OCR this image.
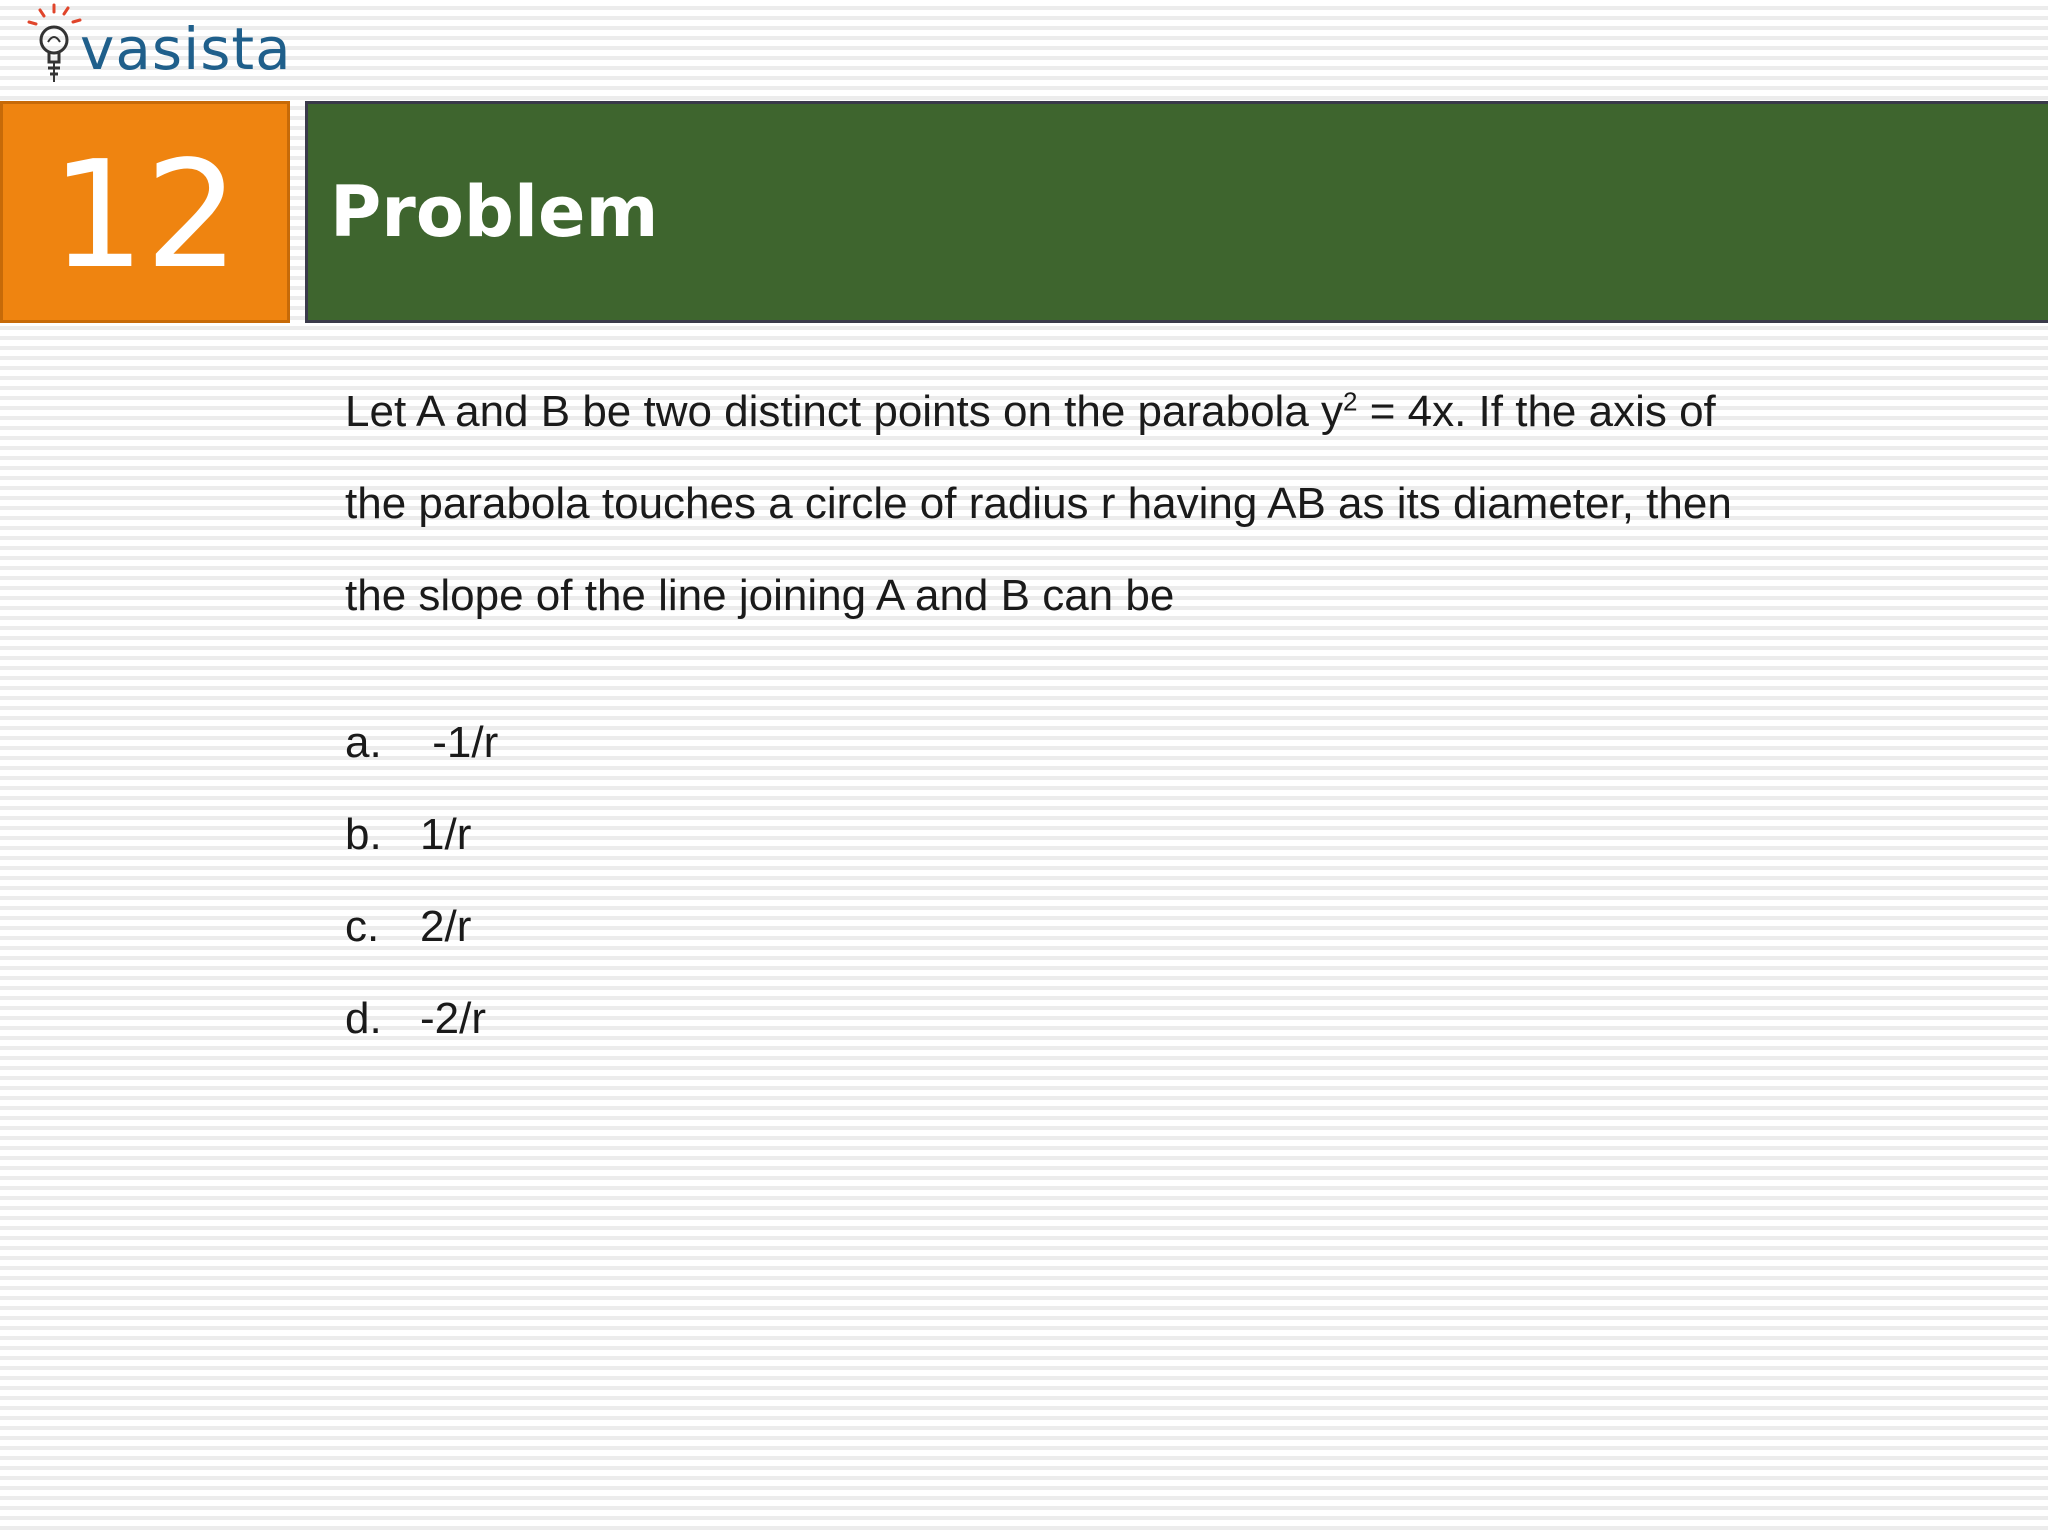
vasista
12 Problem

Let A and B be two distinct points on the parabola $y^2 = 4x$. If the axis of

the parabola touches a circle of radius r having AB as its diameter, then

the slope of the line joining A and B can be

a. -1/r
b. 1/r
c. 2/r
d. -2/r
